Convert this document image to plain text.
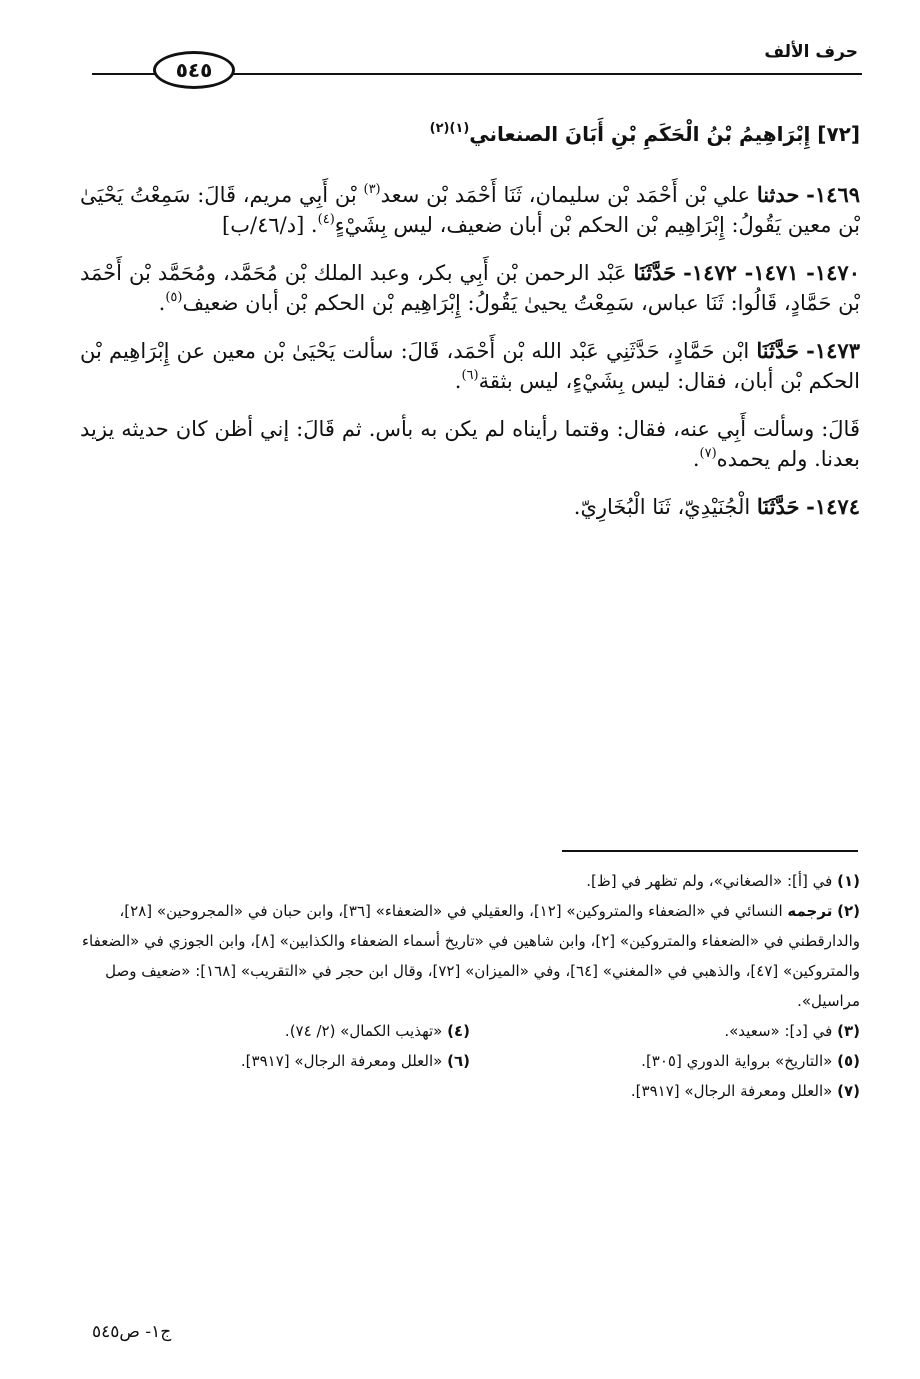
حرف الألف
٥٤٥
[٧٢] إِبْرَاهِيمُ بْنُ الْحَكَمِ بْنِ أَبَانَ الصنعاني$^{(١)(٢)}$

١٤٦٩- حدثنا علي بْن أَحْمَد بْن سليمان، ثَنَا أَحْمَد بْن سعد$^{(٣)}$ بْن أَبِي مريم، قَالَ: سَمِعْتُ يَحْيَىٰ بْن معين يَقُولُ: إِبْرَاهِيم بْن الحكم بْن أبان ضعيف، ليس بِشَيْءٍ$^{(٤)}$. [د/٤٦/ب]

١٤٧٠- ١٤٧١- ١٤٧٢- حَدَّثَنَا عَبْد الرحمن بْن أَبِي بكر، وعبد الملك بْن مُحَمَّد، ومُحَمَّد بْن أَحْمَد بْن حَمَّادٍ، قَالُوا: ثَنَا عباس، سَمِعْتُ يحيىٰ يَقُولُ: إِبْرَاهِيم بْن الحكم بْن أبان ضعيف$^{(٥)}$.

١٤٧٣- حَدَّثَنَا ابْن حَمَّادٍ، حَدَّثَنِي عَبْد الله بْن أَحْمَد، قَالَ: سألت يَحْيَىٰ بْن معين عن إِبْرَاهِيم بْن الحكم بْن أبان، فقال: ليس بِشَيْءٍ، ليس بثقة$^{(٦)}$.

قَالَ: وسألت أَبِي عنه، فقال: وقتما رأيناه لم يكن به بأس. ثم قَالَ: إني أظن كان حديثه يزيد بعدنا. ولم يحمده$^{(٧)}$.

١٤٧٤- حَدَّثَنَا الْجُنَيْدِيّ، ثَنَا الْبُخَارِيّ.

(١) في [أ]: «الصغاني»، ولم تظهر في [ظ].

(٢) ترجمه النسائي في «الضعفاء والمتروكين» [١٢]، والعقيلي في «الضعفاء» [٣٦]، وابن حبان في «المجروحين» [٢٨]، والدارقطني في «الضعفاء والمتروكين» [٢]، وابن شاهين في «تاريخ أسماء الضعفاء والكذابين» [٨]، وابن الجوزي في «الضعفاء والمتروكين» [٤٧]، والذهبي في «المغني» [٦٤]، وفي «الميزان» [٧٢]، وقال ابن حجر في «التقريب» [١٦٨]: «ضعيف وصل مراسيل».

(٣) في [د]: «سعيد».

(٤) «تهذيب الكمال» (٢/ ٧٤).

(٥) «التاريخ» برواية الدوري [٣٠٥].

(٦) «العلل ومعرفة الرجال» [٣٩١٧].

(٧) «العلل ومعرفة الرجال» [٣٩١٧].

ج١- ص٥٤٥
